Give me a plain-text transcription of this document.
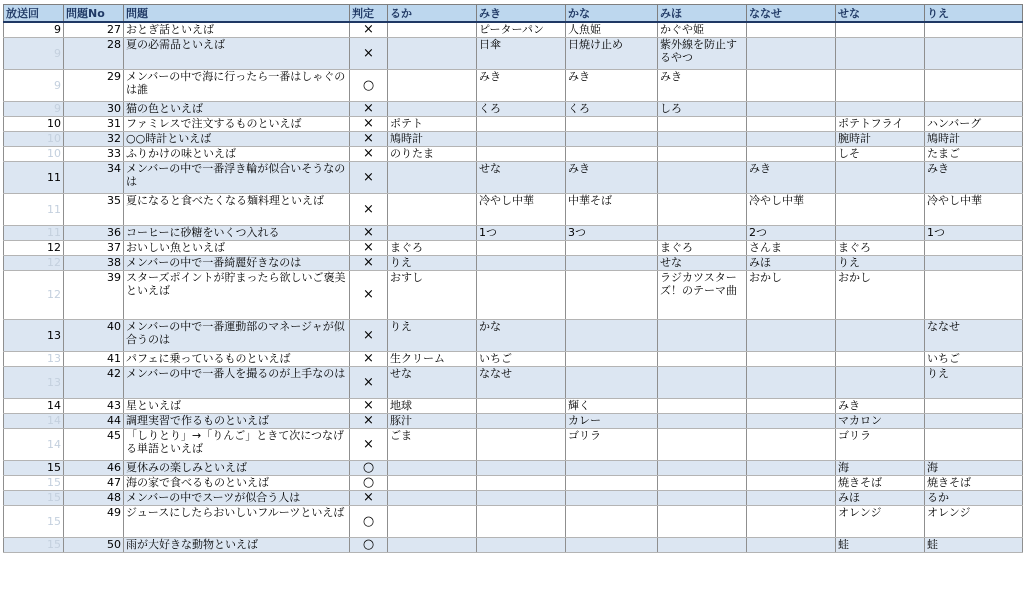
放送回	問題No	問題	判定	るか	みき	かな	みほ	ななせ	せな	りえ
9	27	おとぎ話といえば	×		ピーターパン	人魚姫	かぐや姫			
9	28	夏の必需品といえば	×		日傘	日焼け止め	紫外線を防止するやつ			
9	29	メンバーの中で海に行ったら一番はしゃぐのは誰	○		みき	みき	みき			
9	30	猫の色といえば	×		くろ	くろ	しろ			
10	31	ファミレスで注文するものといえば	×	ポテト					ポテトフライ	ハンバーグ
10	32	○○時計といえば	×	鳩時計					腕時計	鳩時計
10	33	ふりかけの味といえば	×	のりたま					しそ	たまご
11	34	メンバーの中で一番浮き輪が似合いそうなのは	×		せな	みき		みき		みき
11	35	夏になると食べたくなる麺料理といえば	×		冷やし中華	中華そば		冷やし中華		冷やし中華
11	36	コーヒーに砂糖をいくつ入れる	×		1つ	3つ		2つ		1つ
12	37	おいしい魚といえば	×	まぐろ			まぐろ	さんま	まぐろ	
12	38	メンバーの中で一番綺麗好きなのは	×	りえ			せな	みほ	りえ	
12	39	スターズポイントが貯まったら欲しいご褒美といえば	×	おすし			ラジカツスターズ！のテーマ曲	おかし	おかし	
13	40	メンバーの中で一番運動部のマネージャが似合うのは	×	りえ	かな					ななせ
13	41	パフェに乗っているものといえば	×	生クリーム	いちご					いちご
13	42	メンバーの中で一番人を撮るのが上手なのは	×	せな	ななせ					りえ
14	43	星といえば	×	地球		輝く			みき	
14	44	調理実習で作るものといえば	×	豚汁		カレー			マカロン	
14	45	「しりとり」→「りんご」ときて次につなげる単語といえば	×	ごま		ゴリラ			ゴリラ	
15	46	夏休みの楽しみといえば	○						海	海
15	47	海の家で食べるものといえば	○						焼きそば	焼きそば
15	48	メンバーの中でスーツが似合う人は	×						みほ	るか
15	49	ジュースにしたらおいしいフルーツといえば	○						オレンジ	オレンジ
15	50	雨が大好きな動物といえば	○						蛙	蛙
